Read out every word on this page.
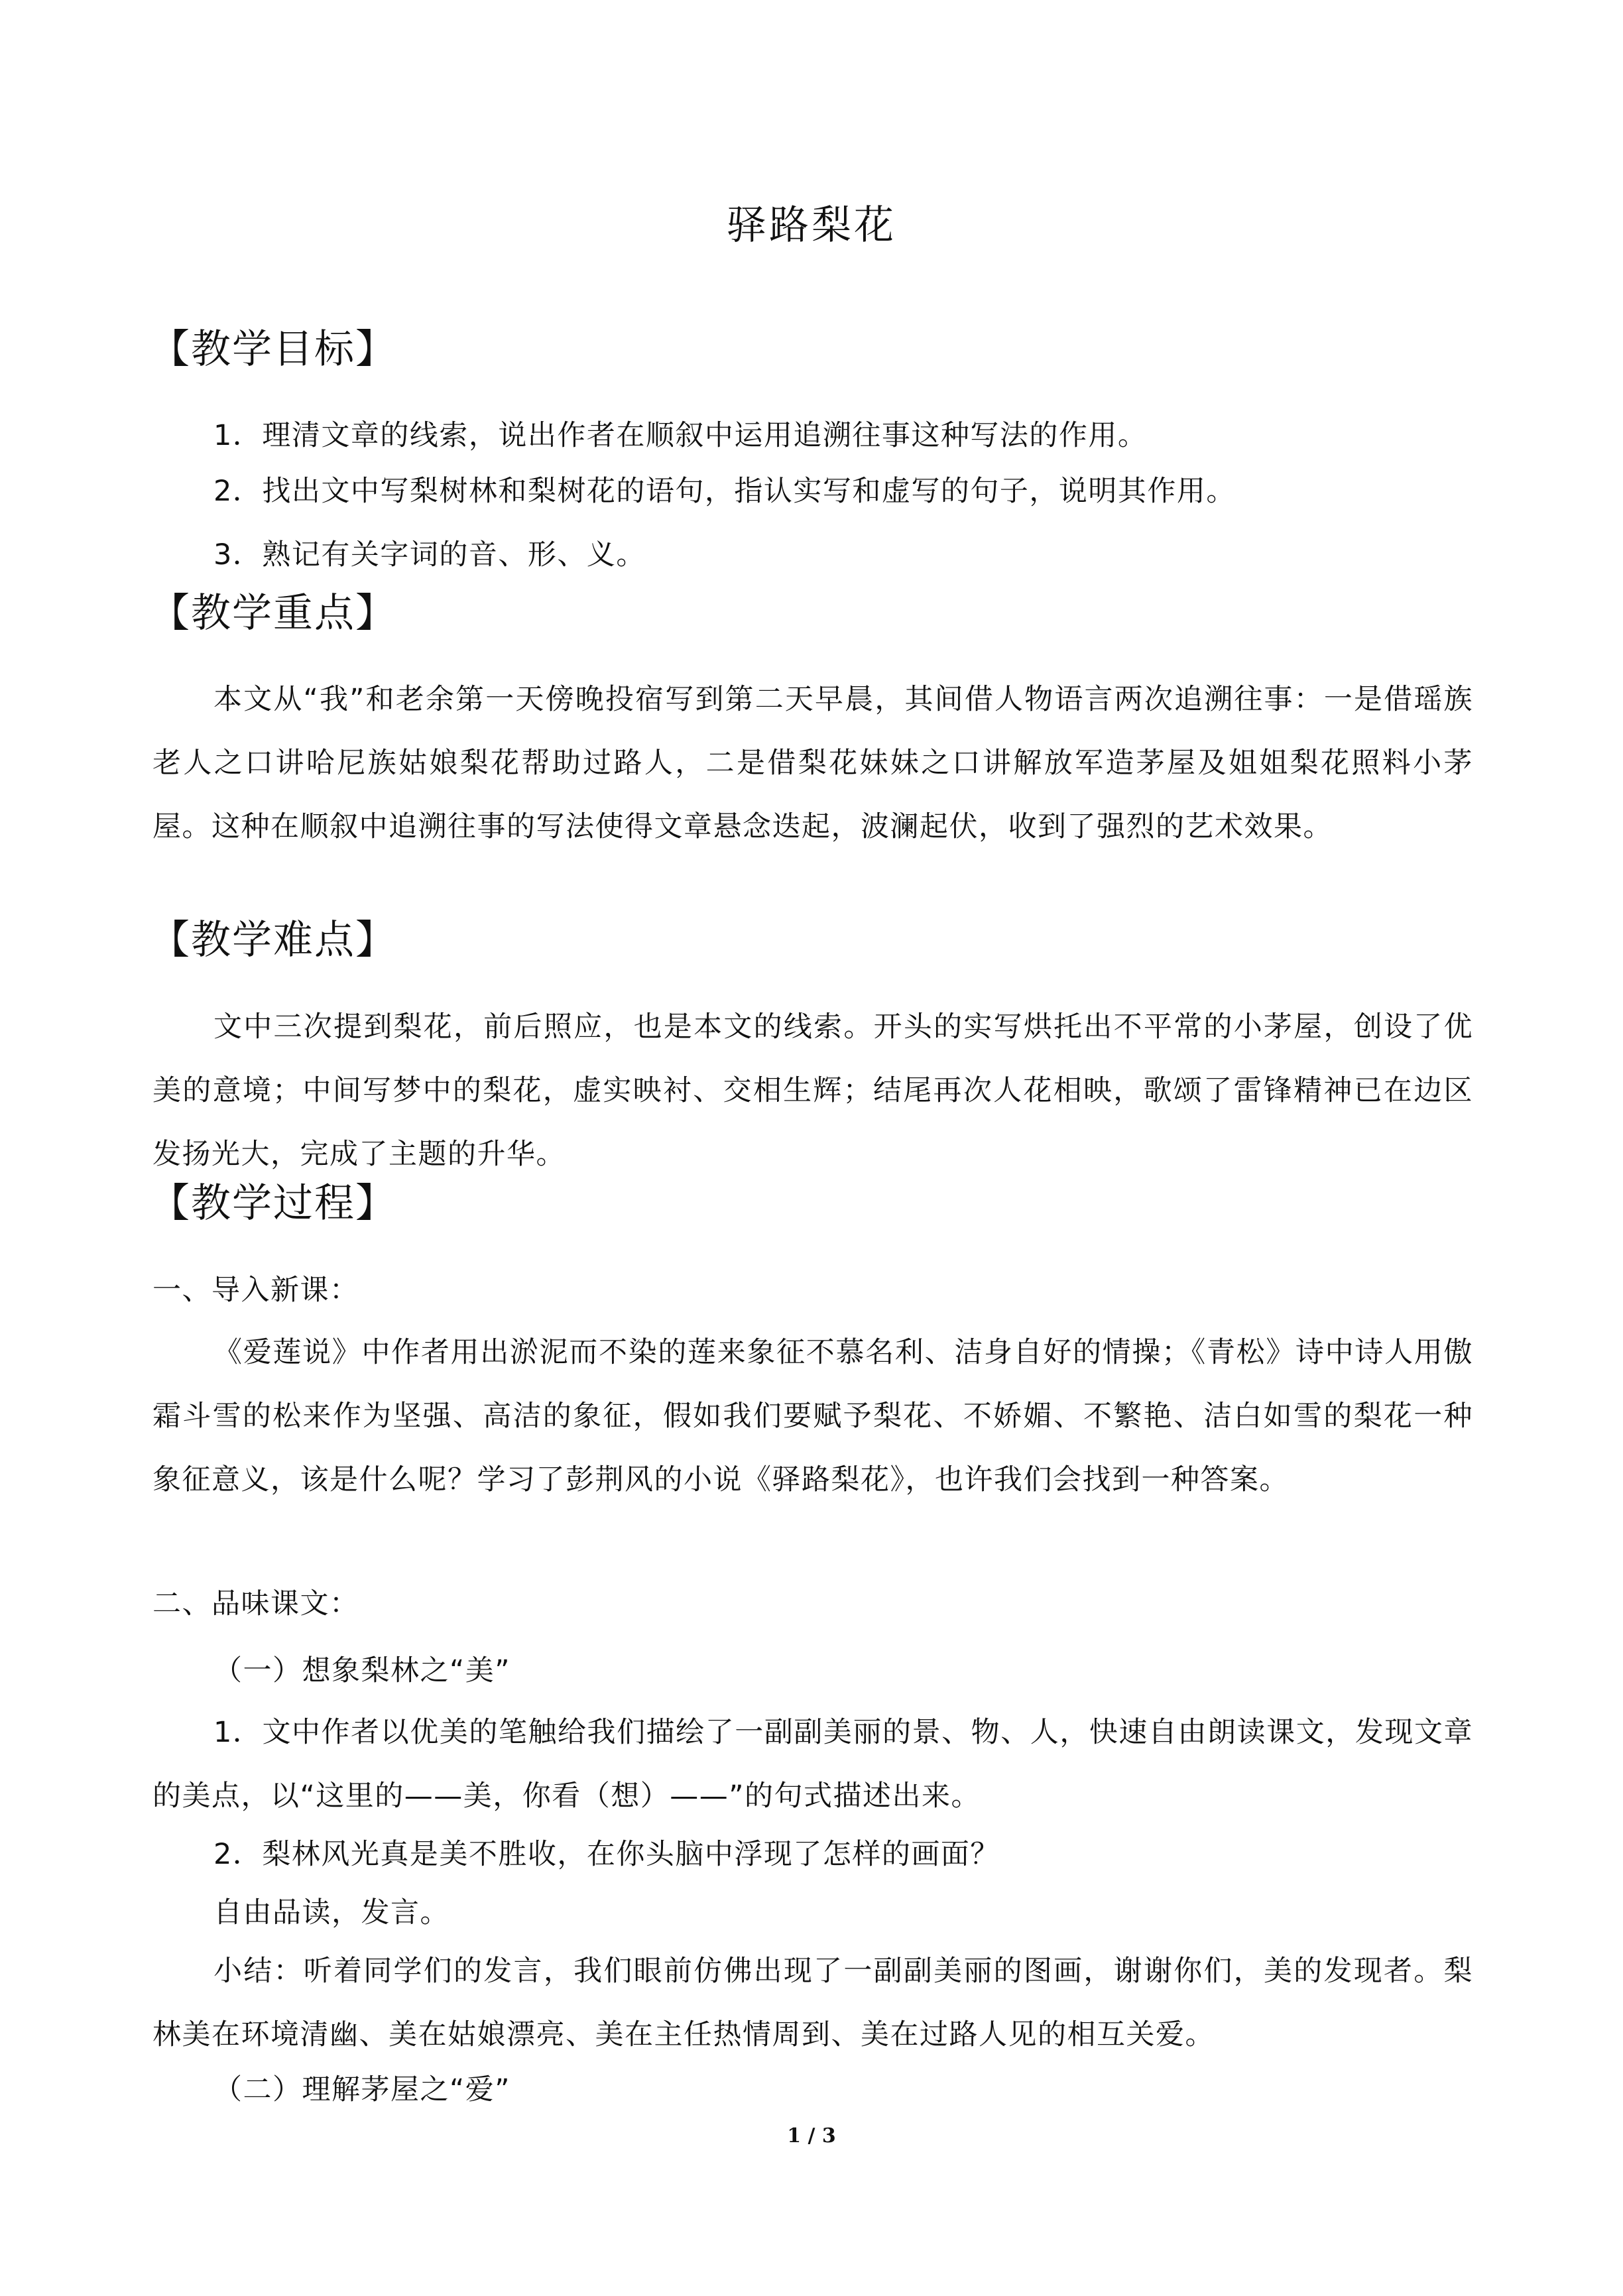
驿路梨花
【教学目标】
1．理清文章的线索，说出作者在顺叙中运用追溯往事这种写法的作用。
2．找出文中写梨树林和梨树花的语句，指认实写和虚写的句子，说明其作用。
3．熟记有关字词的音、形、义。
【教学重点】
本文从“我”和老余第一天傍晚投宿写到第二天早晨，其间借人物语言两次追溯往事：一是借瑶族老人之口讲哈尼族姑娘梨花帮助过路人，二是借梨花妹妹之口讲解放军造茅屋及姐姐梨花照料小茅屋。这种在顺叙中追溯往事的写法使得文章悬念迭起，波澜起伏，收到了强烈的艺术效果。
【教学难点】
文中三次提到梨花，前后照应，也是本文的线索。开头的实写烘托出不平常的小茅屋，创设了优美的意境；中间写梦中的梨花，虚实映衬、交相生辉；结尾再次人花相映，歌颂了雷锋精神已在边区发扬光大，完成了主题的升华。
【教学过程】
一、导入新课：
《爱莲说》中作者用出淤泥而不染的莲来象征不慕名利、洁身自好的情操；《青松》诗中诗人用傲霜斗雪的松来作为坚强、高洁的象征，假如我们要赋予梨花、不娇媚、不繁艳、洁白如雪的梨花一种象征意义，该是什么呢？学习了彭荆风的小说《驿路梨花》，也许我们会找到一种答案。
二、品味课文：
（一）想象梨林之“美”
1．文中作者以优美的笔触给我们描绘了一副副美丽的景、物、人，快速自由朗读课文，发现文章的美点，以“这里的——美，你看（想）——”的句式描述出来。
2．梨林风光真是美不胜收，在你头脑中浮现了怎样的画面？
自由品读，发言。
小结：听着同学们的发言，我们眼前仿佛出现了一副副美丽的图画，谢谢你们，美的发现者。梨林美在环境清幽、美在姑娘漂亮、美在主任热情周到、美在过路人见的相互关爱。
（二）理解茅屋之“爱”
1 / 3
